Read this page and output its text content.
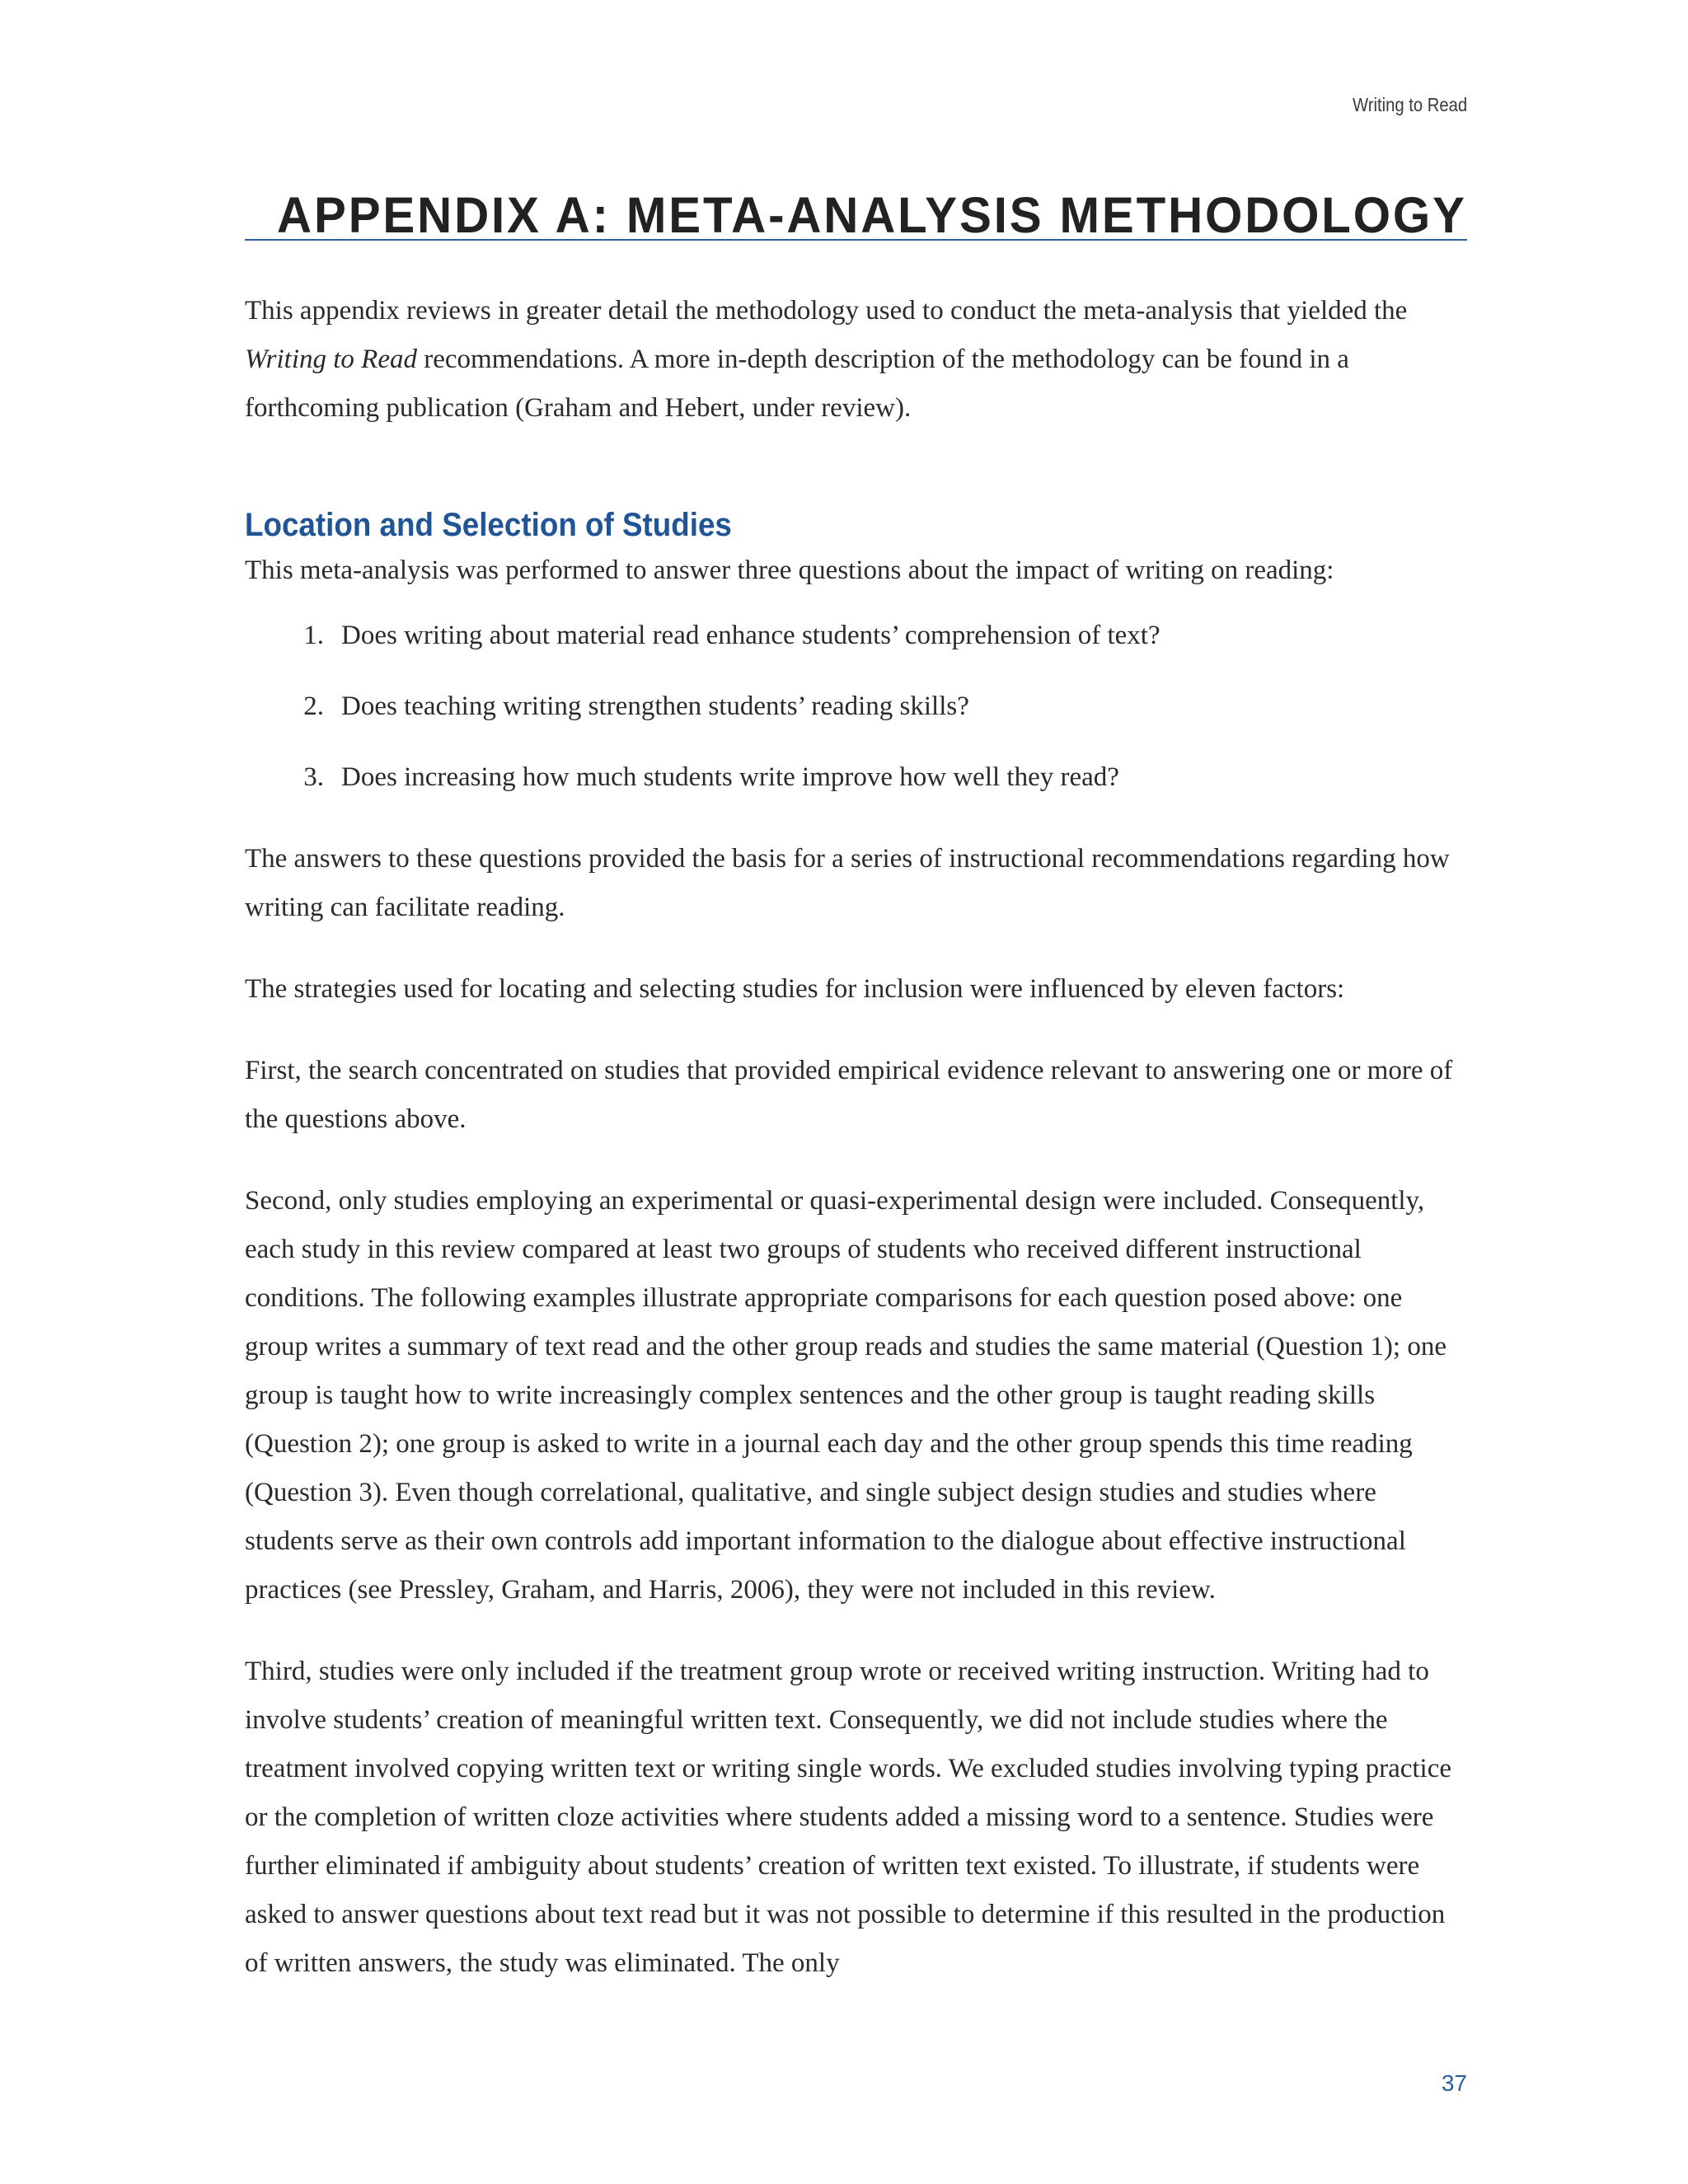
Writing to Read
APPENDIX A: META-ANALYSIS METHODOLOGY

This appendix reviews in greater detail the methodology used to conduct the meta-analysis that yielded the Writing to Read recommendations. A more in-depth description of the methodology can be found in a forthcoming publication (Graham and Hebert, under review).

Location and Selection of Studies

This meta-analysis was performed to answer three questions about the impact of writing on reading:

1. Does writing about material read enhance students’ comprehension of text?
2. Does teaching writing strengthen students’ reading skills?
3. Does increasing how much students write improve how well they read?

The answers to these questions provided the basis for a series of instructional recommendations regarding how writing can facilitate reading.

The strategies used for locating and selecting studies for inclusion were influenced by eleven factors:

First, the search concentrated on studies that provided empirical evidence relevant to answering one or more of the questions above.

Second, only studies employing an experimental or quasi-experimental design were included. Consequently, each study in this review compared at least two groups of students who received different instructional conditions. The following examples illustrate appropriate comparisons for each question posed above: one group writes a summary of text read and the other group reads and studies the same material (Question 1); one group is taught how to write increasingly complex sentences and the other group is taught reading skills (Question 2); one group is asked to write in a journal each day and the other group spends this time reading (Question 3). Even though correlational, qualitative, and single subject design studies and studies where students serve as their own controls add important information to the dialogue about effective instructional practices (see Pressley, Graham, and Harris, 2006), they were not included in this review.

Third, studies were only included if the treatment group wrote or received writing instruction. Writing had to involve students’ creation of meaningful written text. Consequently, we did not include studies where the treatment involved copying written text or writing single words. We excluded studies involving typing practice or the completion of written cloze activities where students added a missing word to a sentence. Studies were further eliminated if ambiguity about students’ creation of written text existed. To illustrate, if students were asked to answer questions about text read but it was not possible to determine if this resulted in the production of written answers, the study was eliminated. The only

37
